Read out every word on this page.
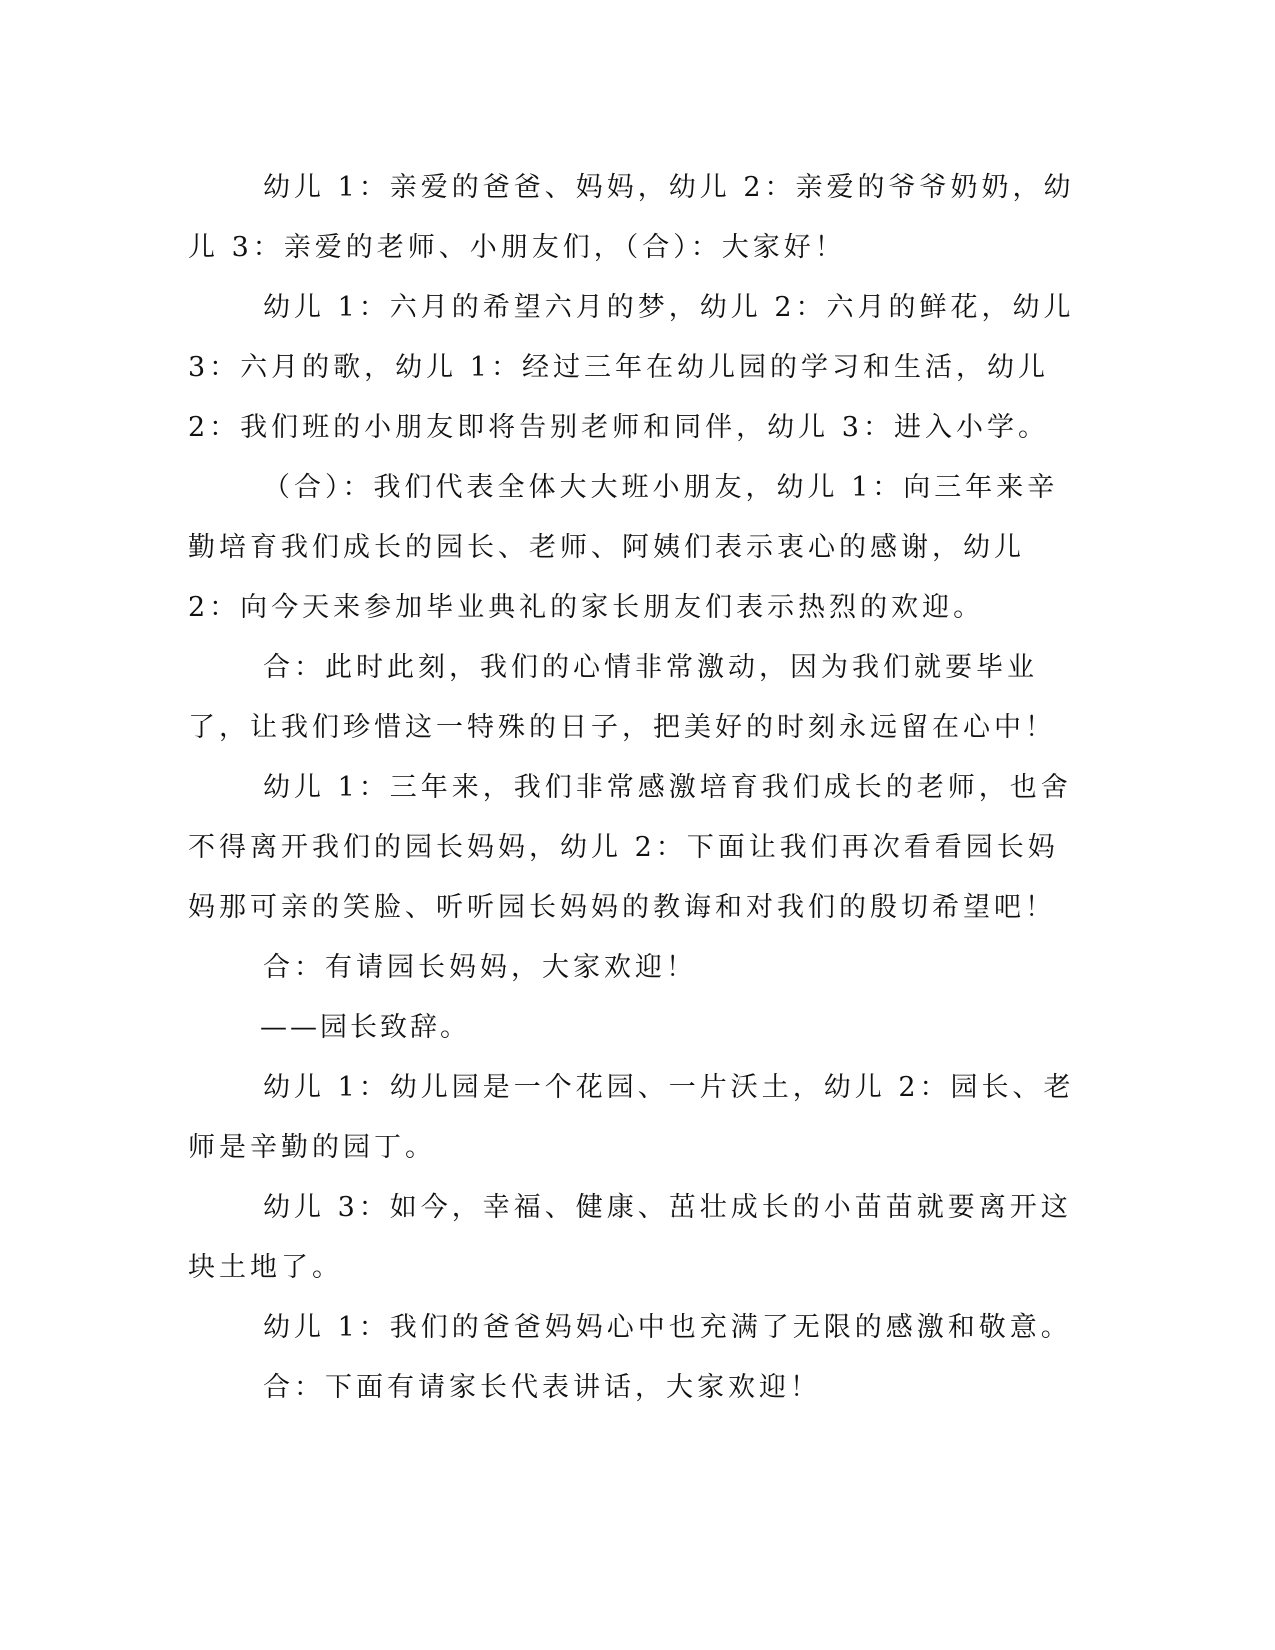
幼儿 1：亲爱的爸爸、妈妈，幼儿 2：亲爱的爷爷奶奶，幼儿 3：亲爱的老师、小朋友们，（合）：大家好！

幼儿 1：六月的希望六月的梦，幼儿 2：六月的鲜花，幼儿 3：六月的歌，幼儿 1：经过三年在幼儿园的学习和生活，幼儿 2：我们班的小朋友即将告别老师和同伴，幼儿 3：进入小学。

（合）：我们代表全体大大班小朋友，幼儿 1：向三年来辛勤培育我们成长的园长、老师、阿姨们表示衷心的感谢，幼儿 2：向今天来参加毕业典礼的家长朋友们表示热烈的欢迎。

合：此时此刻，我们的心情非常激动，因为我们就要毕业了，让我们珍惜这一特殊的日子，把美好的时刻永远留在心中！

幼儿 1：三年来，我们非常感激培育我们成长的老师，也舍不得离开我们的园长妈妈，幼儿 2：下面让我们再次看看园长妈妈那可亲的笑脸、听听园长妈妈的教诲和对我们的殷切希望吧！

合：有请园长妈妈，大家欢迎！

——园长致辞。

幼儿 1：幼儿园是一个花园、一片沃土，幼儿 2：园长、老师是辛勤的园丁。

幼儿 3：如今，幸福、健康、茁壮成长的小苗苗就要离开这块土地了。

幼儿 1：我们的爸爸妈妈心中也充满了无限的感激和敬意。

合：下面有请家长代表讲话，大家欢迎！
